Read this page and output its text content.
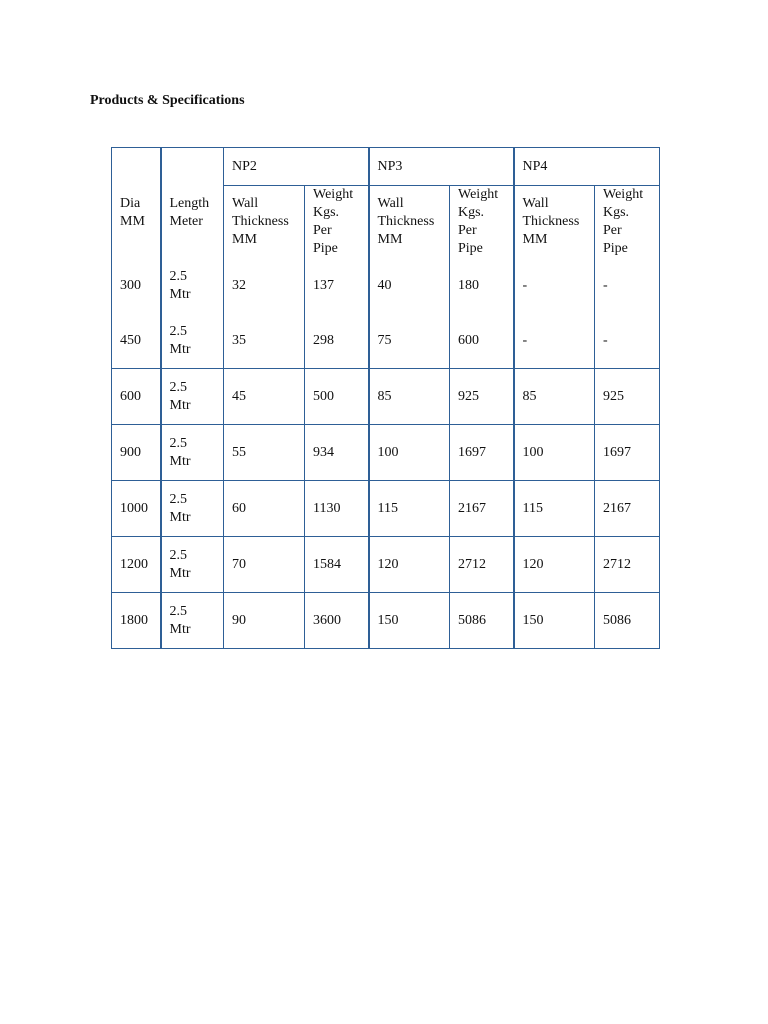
Products & Specifications
Dia
MM	Length
Meter	NP2		NP3		NP4	
		Wall
Thickness
MM	Weight
Kgs.
Per
Pipe	Wall
Thickness
MM	Weight
Kgs.
Per
Pipe	Wall
Thickness
MM	Weight
Kgs.
Per
Pipe
300	2.5
Mtr	32	137	40	180	-	-
450	2.5
Mtr	35	298	75	600	-	-
600	2.5
Mtr	45	500	85	925	85	925
900	2.5
Mtr	55	934	100	1697	100	1697
1000	2.5
Mtr	60	1130	115	2167	115	2167
1200	2.5
Mtr	70	1584	120	2712	120	2712
1800	2.5
Mtr	90	3600	150	5086	150	5086
